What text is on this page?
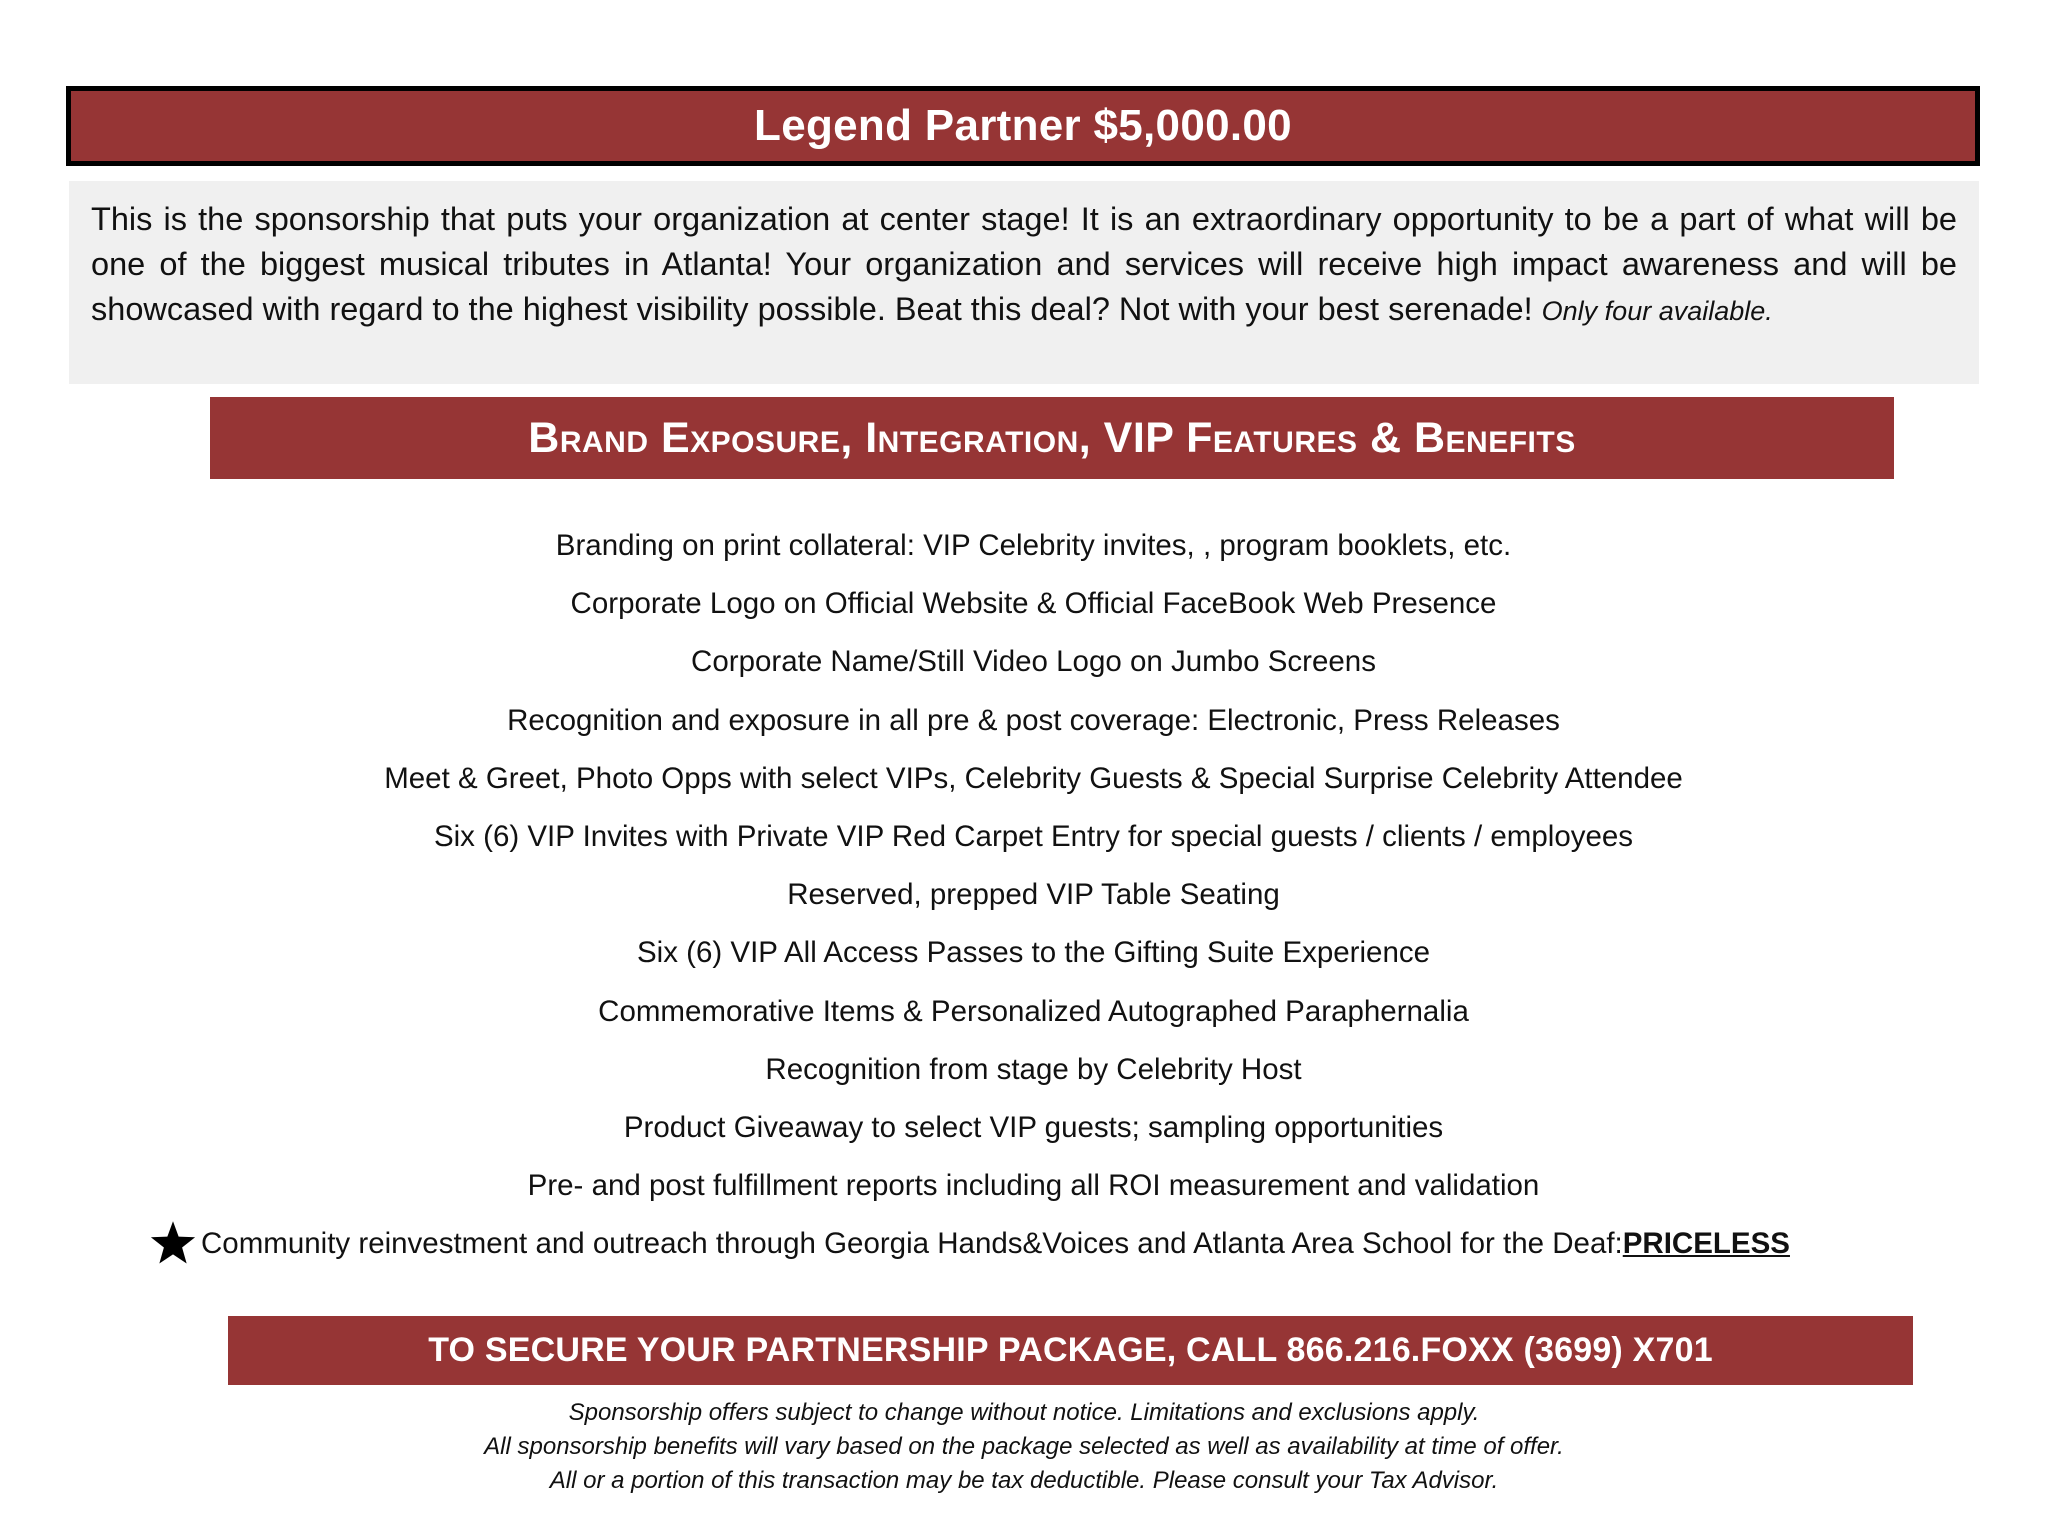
Legend Partner $5,000.00
This is the sponsorship that puts your organization at center stage! It is an extraordinary opportunity to be a part of what will be one of the biggest musical tributes in Atlanta! Your organization and services will receive high impact awareness and will be showcased with regard to the highest visibility possible. Beat this deal? Not with your best serenade! Only four available.
Brand Exposure, Integration, VIP Features & Benefits
Branding on print collateral: VIP Celebrity invites, , program booklets, etc.
Corporate Logo on Official Website & Official FaceBook Web Presence
Corporate Name/Still Video Logo on Jumbo Screens
Recognition and exposure in all pre & post coverage: Electronic, Press Releases
Meet & Greet, Photo Opps with select VIPs, Celebrity Guests & Special Surprise Celebrity Attendee
Six (6) VIP Invites with Private VIP Red Carpet Entry for special guests / clients / employees
Reserved, prepped VIP Table Seating
Six (6) VIP All Access Passes to the Gifting Suite Experience
Commemorative Items & Personalized Autographed Paraphernalia
Recognition from stage by Celebrity Host
Product Giveaway to select VIP guests; sampling opportunities
Pre- and post fulfillment reports including all ROI measurement and validation
Community reinvestment and outreach through Georgia Hands&Voices and Atlanta Area School for the Deaf: PRICELESS
TO SECURE YOUR PARTNERSHIP PACKAGE, CALL 866.216.FOXX (3699) X701
Sponsorship offers subject to change without notice. Limitations and exclusions apply.
All sponsorship benefits will vary based on the package selected as well as availability at time of offer.
All or a portion of this transaction may be tax deductible. Please consult your Tax Advisor.
